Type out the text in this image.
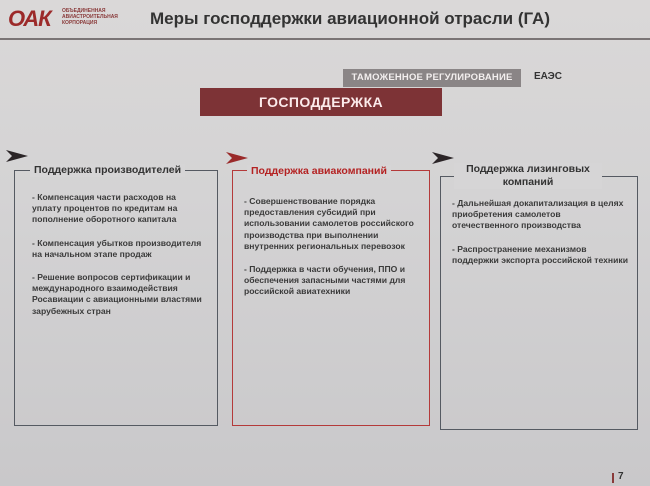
ОАК ОБЪЕДИНЕННАЯ АВИАСТРОИТЕЛЬНАЯ КОРПОРАЦИЯ	Меры господдержки авиационной отрасли (ГА)
ТАМОЖЕННОЕ РЕГУЛИРОВАНИЕ	ЕАЭС
ГОСПОДДЕРЖКА
Поддержка производителей

- Компенсация части расходов на уплату процентов по кредитам на пополнение оборотного капитала

- Компенсация убытков производителя на начальном этапе продаж

- Решение вопросов сертификации и международного взаимодействия Росавиации с авиационными властями зарубежных стран

Поддержка авиакомпаний

- Совершенствование порядка предоставления субсидий при использовании самолетов российского производства при выполнении внутренних региональных перевозок

- Поддержка в части обучения, ППО и обеспечения запасными частями для российской авиатехники

Поддержка лизинговых компаний

- Дальнейшая докапитализация в целях приобретения самолетов отечественного производства

- Распространение механизмов поддержки экспорта российской техники

7
